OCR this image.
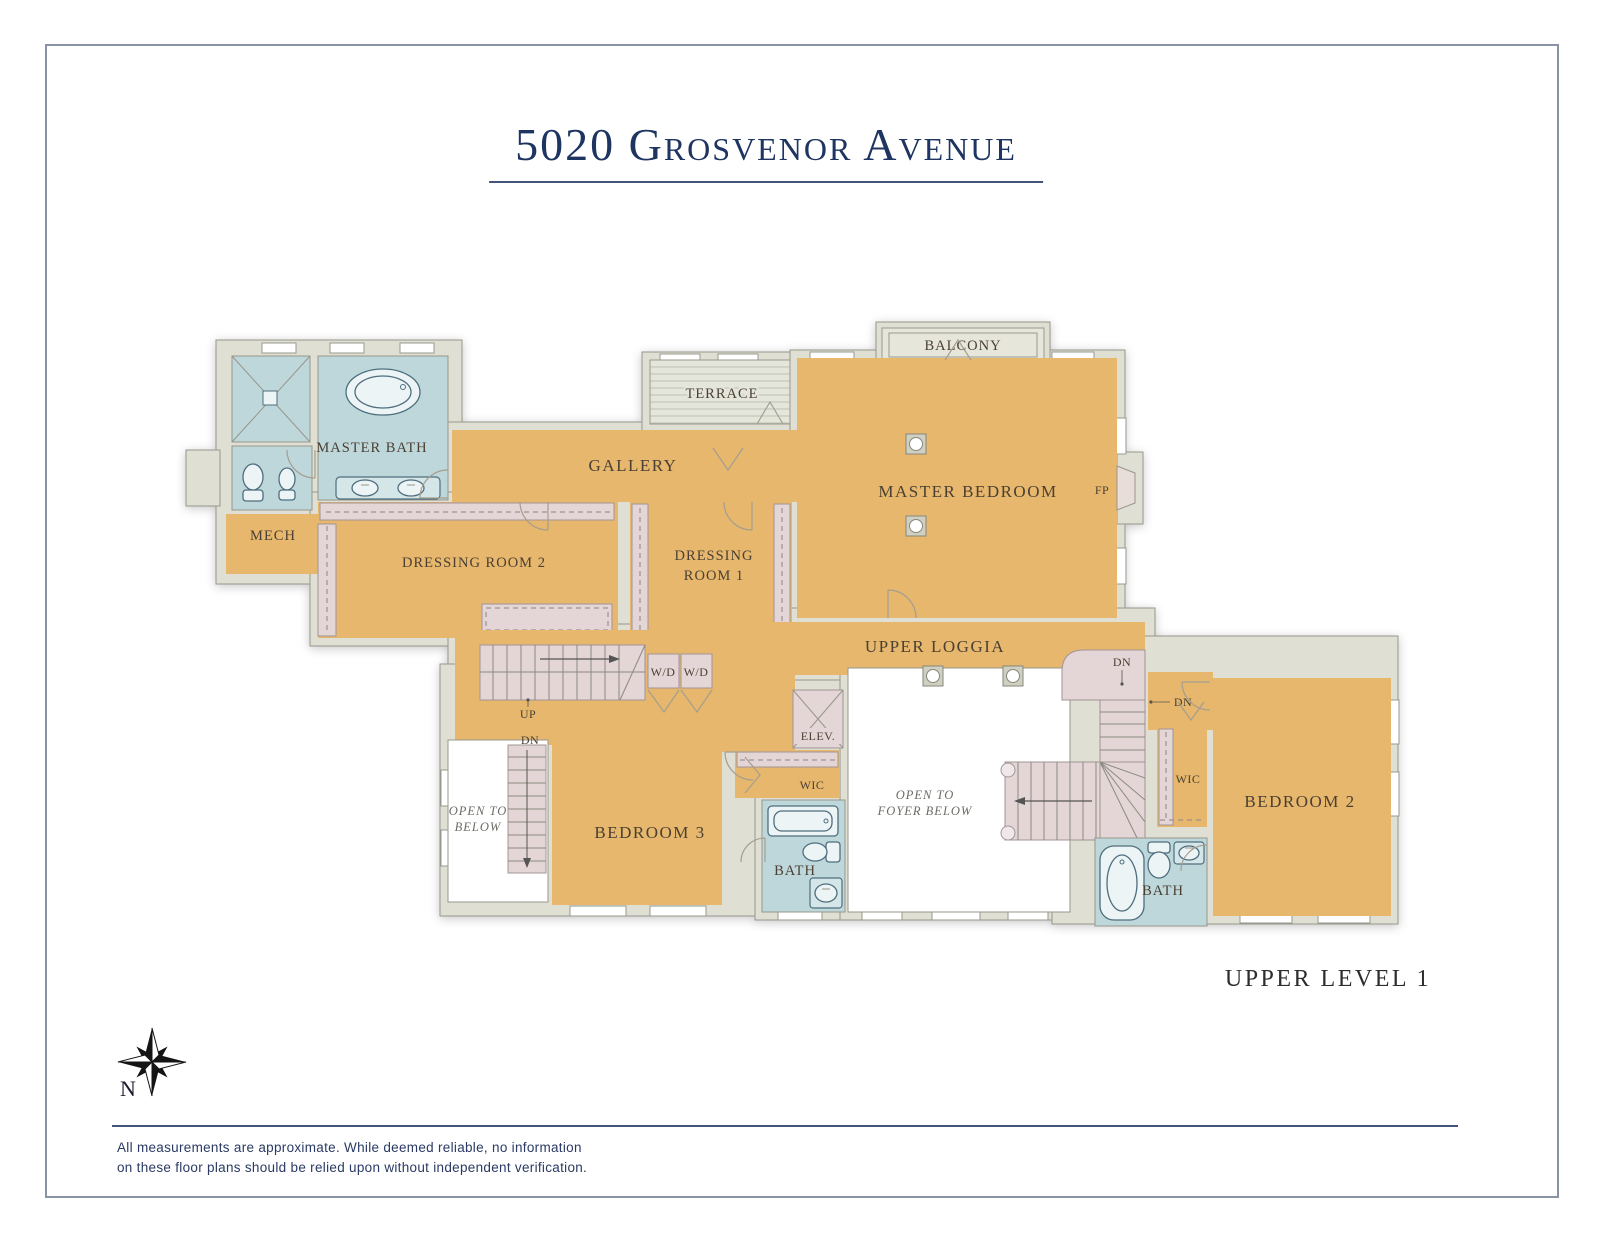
5020 Grosvenor Avenue
MASTER BATH
MECH
GALLERY
TERRACE
BALCONY
MASTER BEDROOM	FP
DRESSING ROOM 2	DRESSING
ROOM 1
UPPER LOGGIA
W/D W/D
UP
DN
OPEN TO
BELOW	BEDROOM 3
ELEV.
WIC
BATH
OPEN TO
FOYER BELOW
DN
DN
WIC
BEDROOM 2
BATH
N
UPPER LEVEL 1
All measurements are approximate. While deemed reliable, no information
on these floor plans should be relied upon without independent verification.
